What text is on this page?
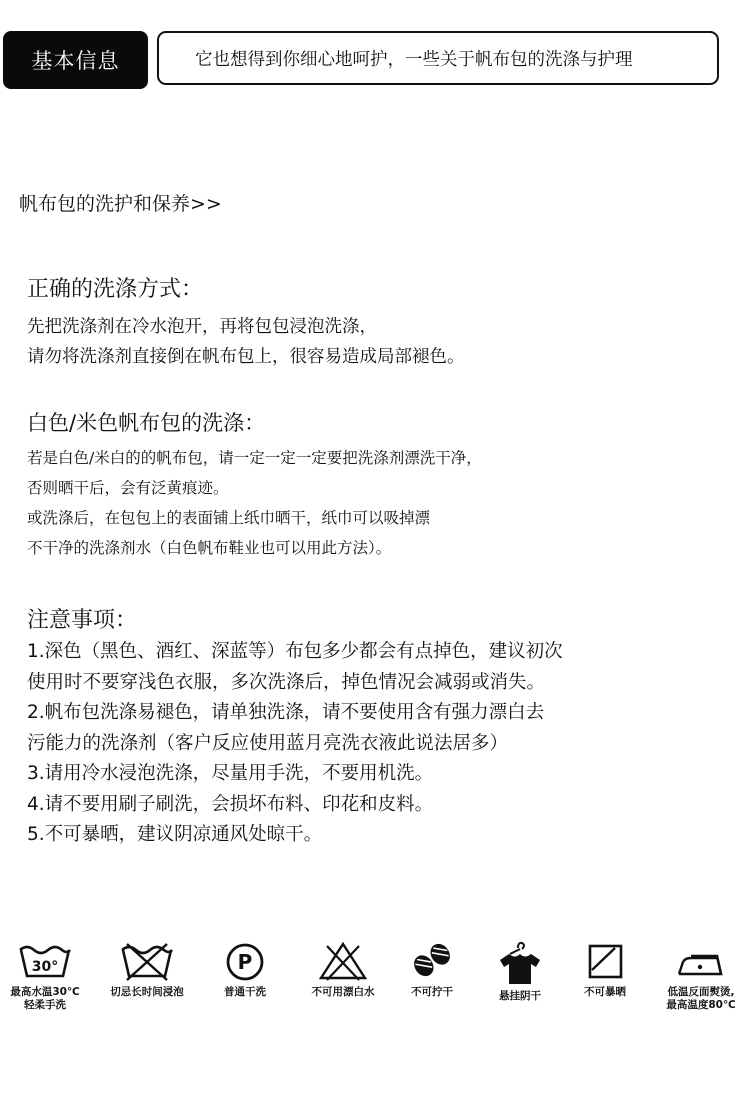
基本信息	它也想得到你细心地呵护，一些关于帆布包的洗涤与护理
帆布包的洗护和保养>>

正确的洗涤方式：

先把洗涤剂在冷水泡开，再将包包浸泡洗涤，

请勿将洗涤剂直接倒在帆布包上，很容易造成局部褪色。

白色/米色帆布包的洗涤：

若是白色/米白的的帆布包，请一定一定一定要把洗涤剂漂洗干净，

否则晒干后，会有泛黄痕迹。

或洗涤后，在包包上的表面铺上纸巾晒干，纸巾可以吸掉漂

不干净的洗涤剂水（白色帆布鞋业也可以用此方法）。

注意事项：

1.深色（黑色、酒红、深蓝等）布包多少都会有点掉色，建议初次

使用时不要穿浅色衣服，多次洗涤后，掉色情况会减弱或消失。

2.帆布包洗涤易褪色，请单独洗涤，请不要使用含有强力漂白去

污能力的洗涤剂（客户反应使用蓝月亮洗衣液此说法居多）

3.请用冷水浸泡洗涤，尽量用手洗，不要用机洗。

4.请不要用刷子刷洗，会损坏布料、印花和皮料。

5.不可暴晒，建议阴凉通风处晾干。

30°
最高水温30℃
轻柔手洗
切忌长时间浸泡
P
普通干洗	不可用漂白水	不可拧干	悬挂阴干	不可暴晒	低温反面熨烫,
最高温度80℃
